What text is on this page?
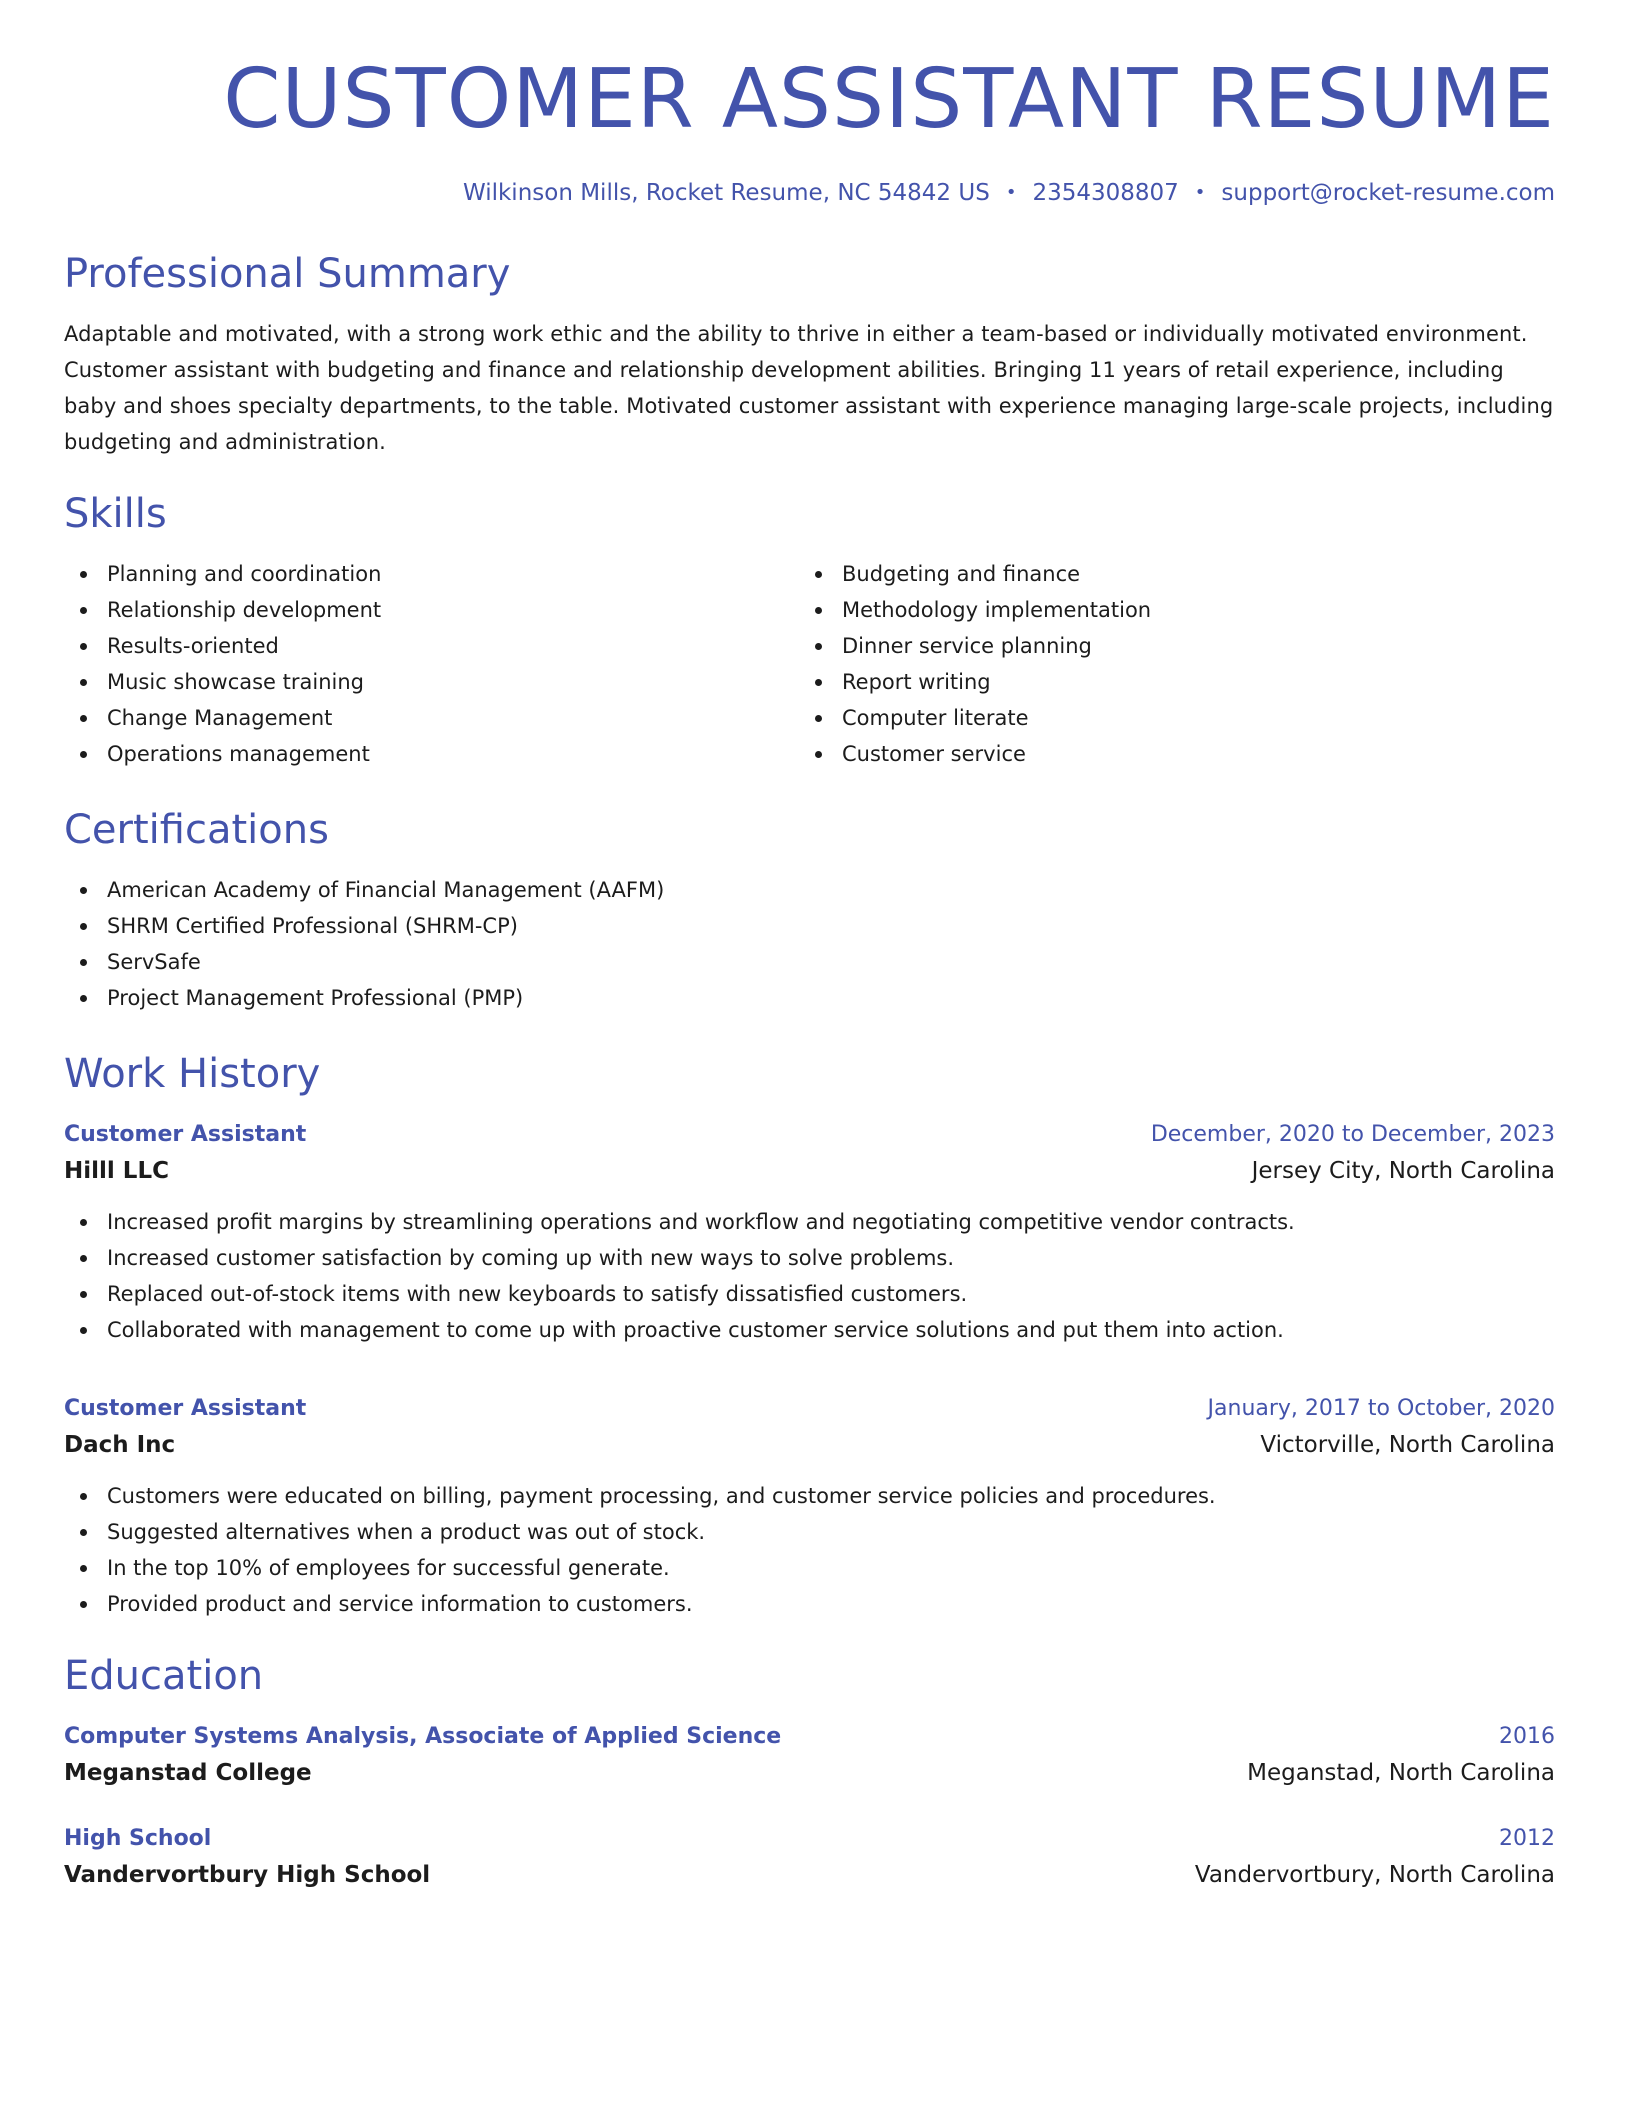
CUSTOMER ASSISTANT RESUME
Wilkinson Mills, Rocket Resume, NC 54842 US • 2354308807 • support@rocket-resume.com
Professional Summary
Adaptable and motivated, with a strong work ethic and the ability to thrive in either a team-based or individually motivated environment. Customer assistant with budgeting and finance and relationship development abilities. Bringing 11 years of retail experience, including baby and shoes specialty departments, to the table. Motivated customer assistant with experience managing large-scale projects, including budgeting and administration.
Skills
Planning and coordination
Relationship development
Results-oriented
Music showcase training
Change Management
Operations management
Budgeting and finance
Methodology implementation
Dinner service planning
Report writing
Computer literate
Customer service
Certifications
American Academy of Financial Management (AAFM)
SHRM Certified Professional (SHRM-CP)
ServSafe
Project Management Professional (PMP)
Work History
Customer Assistant	December, 2020 to December, 2023
Hilll LLC	Jersey City, North Carolina
Increased profit margins by streamlining operations and workflow and negotiating competitive vendor contracts.
Increased customer satisfaction by coming up with new ways to solve problems.
Replaced out-of-stock items with new keyboards to satisfy dissatisfied customers.
Collaborated with management to come up with proactive customer service solutions and put them into action.
Customer Assistant	January, 2017 to October, 2020
Dach Inc	Victorville, North Carolina
Customers were educated on billing, payment processing, and customer service policies and procedures.
Suggested alternatives when a product was out of stock.
In the top 10% of employees for successful generate.
Provided product and service information to customers.
Education
Computer Systems Analysis, Associate of Applied Science	2016
Meganstad College	Meganstad, North Carolina
High School	2012
Vandervortbury High School	Vandervortbury, North Carolina
